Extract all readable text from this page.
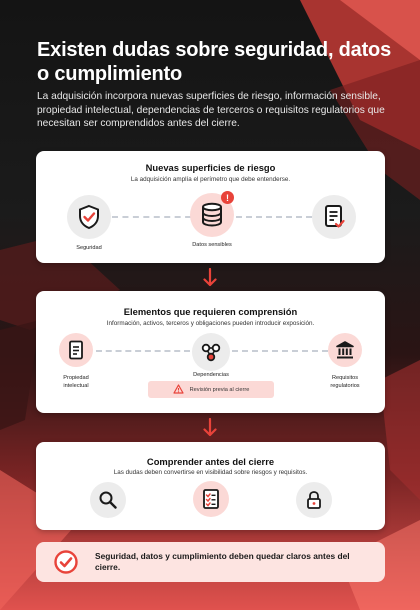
Existen dudas sobre seguridad, datos o cumplimiento
La adquisición incorpora nuevas superficies de riesgo, información sensible, propiedad intelectual, dependencias de terceros o requisitos regulatorios que necesitan ser comprendidos antes del cierre.
Nuevas superficies de riesgo
La adquisición amplía el perímetro que debe entenderse.
Seguridad
!
Datos sensibles
Elementos que requieren comprensión
Información, activos, terceros y obligaciones pueden introducir exposición.
Propiedad
intelectual
Dependencias	Requisitos
regulatorios
Revisión previa al cierre
Comprender antes del cierre
Las dudas deben convertirse en visibilidad sobre riesgos y requisitos.
Seguridad, datos y cumplimiento deben quedar claros antes del cierre.
